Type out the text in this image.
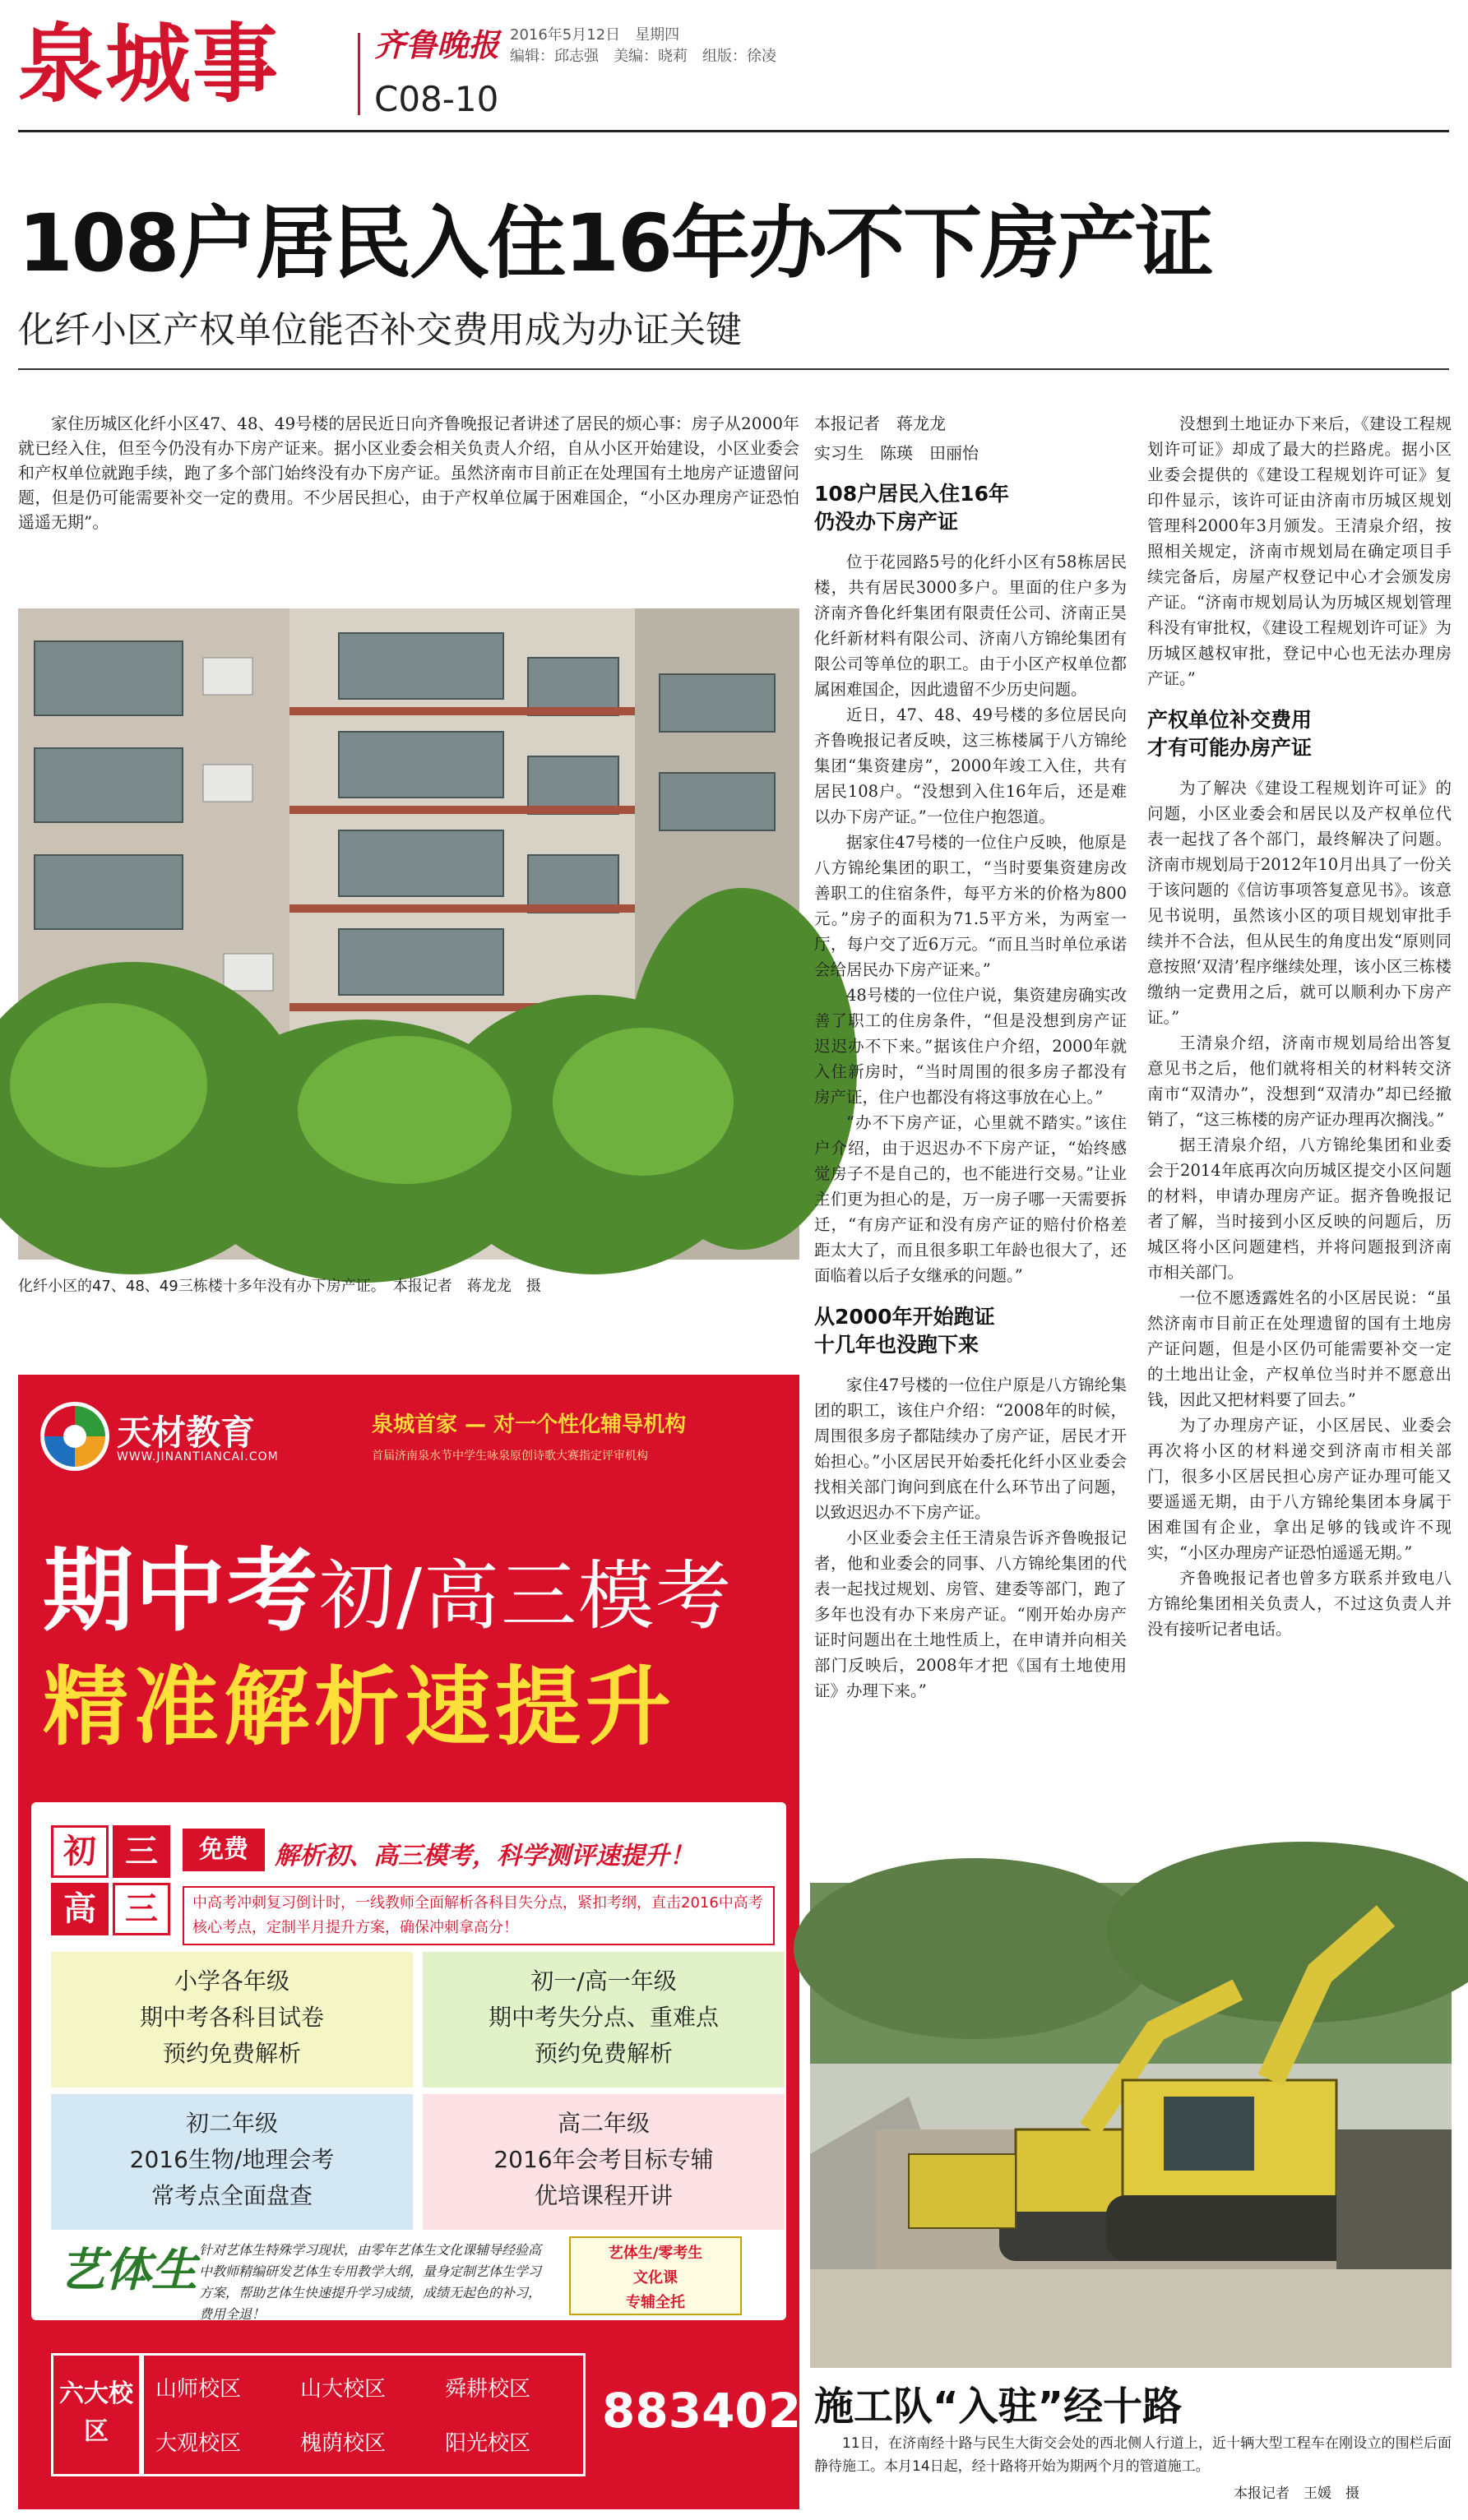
泉城事	齐鲁晚报 2016年5月12日　星期四
编辑：邱志强　美编：晓莉　组版：徐凌
C08-10
108户居民入住16年办不下房产证
化纤小区产权单位能否补交费用成为办证关键

家住历城区化纤小区47、48、49号楼的居民近日向齐鲁晚报记者讲述了居民的烦心事：房子从2000年就已经入住，但至今仍没有办下房产证来。据小区业委会相关负责人介绍，自从小区开始建设，小区业委会和产权单位就跑手续，跑了多个部门始终没有办下房产证。虽然济南市目前正在处理国有土地房产证遗留问题，但是仍可能需要补交一定的费用。不少居民担心，由于产权单位属于困难国企，“小区办理房产证恐怕遥遥无期”。

化纤小区的47、48、49三栋楼十多年没有办下房产证。　本报记者　蒋龙龙　摄
本报记者　蒋龙龙
实习生　陈瑛　田丽怡
108户居民入住16年
仍没办下房产证

位于花园路5号的化纤小区有58栋居民楼，共有居民3000多户。里面的住户多为济南齐鲁化纤集团有限责任公司、济南正昊化纤新材料有限公司、济南八方锦纶集团有限公司等单位的职工。由于小区产权单位都属困难国企，因此遗留不少历史问题。

近日，47、48、49号楼的多位居民向齐鲁晚报记者反映，这三栋楼属于八方锦纶集团“集资建房”，2000年竣工入住，共有居民108户。“没想到入住16年后，还是难以办下房产证。”一位住户抱怨道。

据家住47号楼的一位住户反映，他原是八方锦纶集团的职工，“当时要集资建房改善职工的住宿条件，每平方米的价格为800元。”房子的面积为71.5平方米，为两室一厅，每户交了近6万元。“而且当时单位承诺会给居民办下房产证来。”

48号楼的一位住户说，集资建房确实改善了职工的住房条件，“但是没想到房产证迟迟办不下来。”据该住户介绍，2000年就入住新房时，“当时周围的很多房子都没有房产证，住户也都没有将这事放在心上。”

“办不下房产证，心里就不踏实。”该住户介绍，由于迟迟办不下房产证，“始终感觉房子不是自己的，也不能进行交易。”让业主们更为担心的是，万一房子哪一天需要拆迁，“有房产证和没有房产证的赔付价格差距太大了，而且很多职工年龄也很大了，还面临着以后子女继承的问题。”

从2000年开始跑证
十几年也没跑下来

家住47号楼的一位住户原是八方锦纶集团的职工，该住户介绍：“2008年的时候，周围很多房子都陆续办了房产证，居民才开始担心。”小区居民开始委托化纤小区业委会找相关部门询问到底在什么环节出了问题，以致迟迟办不下房产证。

小区业委会主任王清泉告诉齐鲁晚报记者，他和业委会的同事、八方锦纶集团的代表一起找过规划、房管、建委等部门，跑了多年也没有办下来房产证。“刚开始办房产证时问题出在土地性质上，在申请并向相关部门反映后，2008年才把《国有土地使用证》办理下来。”

没想到土地证办下来后，《建设工程规划许可证》却成了最大的拦路虎。据小区业委会提供的《建设工程规划许可证》复印件显示，该许可证由济南市历城区规划管理科2000年3月颁发。王清泉介绍，按照相关规定，济南市规划局在确定项目手续完备后，房屋产权登记中心才会颁发房产证。“济南市规划局认为历城区规划管理科没有审批权，《建设工程规划许可证》为历城区越权审批，登记中心也无法办理房产证。”

产权单位补交费用
才有可能办房产证

为了解决《建设工程规划许可证》的问题，小区业委会和居民以及产权单位代表一起找了各个部门，最终解决了问题。济南市规划局于2012年10月出具了一份关于该问题的《信访事项答复意见书》。该意见书说明，虽然该小区的项目规划审批手续并不合法，但从民生的角度出发“原则同意按照‘双清’程序继续处理，该小区三栋楼缴纳一定费用之后，就可以顺利办下房产证。”

王清泉介绍，济南市规划局给出答复意见书之后，他们就将相关的材料转交济南市“双清办”，没想到“双清办”却已经撤销了，“这三栋楼的房产证办理再次搁浅。”

据王清泉介绍，八方锦纶集团和业委会于2014年底再次向历城区提交小区问题的材料，申请办理房产证。据齐鲁晚报记者了解，当时接到小区反映的问题后，历城区将小区问题建档，并将问题报到济南市相关部门。

一位不愿透露姓名的小区居民说：“虽然济南市目前正在处理遗留的国有土地房产证问题，但是小区仍可能需要补交一定的土地出让金，产权单位当时并不愿意出钱，因此又把材料要了回去。”

为了办理房产证，小区居民、业委会再次将小区的材料递交到济南市相关部门，很多小区居民担心房产证办理可能又要遥遥无期，由于八方锦纶集团本身属于困难国有企业，拿出足够的钱或许不现实，“小区办理房产证恐怕遥遥无期。”

齐鲁晚报记者也曾多方联系并致电八方锦纶集团相关负责人，不过这负责人并没有接听记者电话。

天材教育
WWW.JINANTIANCAI.COM
泉城首家 — 对一个性化辅导机构
首届济南泉水节中学生咏泉原创诗歌大赛指定评审机构
期中考初/高三模考
精准解析速提升
初 三
高 三
免费	解析初、高三模考，科学测评速提升！
中高考冲刺复习倒计时，一线教师全面解析各科目失分点，紧扣考纲，直击2016中高考核心考点，定制半月提升方案，确保冲刺拿高分！
小学各年级
期中考各科目试卷
预约免费解析
初一/高一年级
期中考失分点、重难点
预约免费解析
初二年级
2016生物/地理会考
常考点全面盘查
高二年级
2016年会考目标专辅
优培课程开讲
艺体生 针对艺体生特殊学习现状，由零年艺体生文化课辅导经验高中教师精编研发艺体生专用教学大纲，量身定制艺体生学习方案，帮助艺体生快速提升学习成绩，成绩无起色的补习，费用全退！
艺体生/零考生
文化课
专辅全托
六大校区
山师校区	山大校区	舜耕校区
大观校区	槐荫校区	阳光校区
88340288
施工队“入驻”经十路
11日，在济南经十路与民生大街交会处的西北侧人行道上，近十辆大型工程车在刚设立的围栏后面静待施工。本月14日起，经十路将开始为期两个月的管道施工。
本报记者　王媛　摄
